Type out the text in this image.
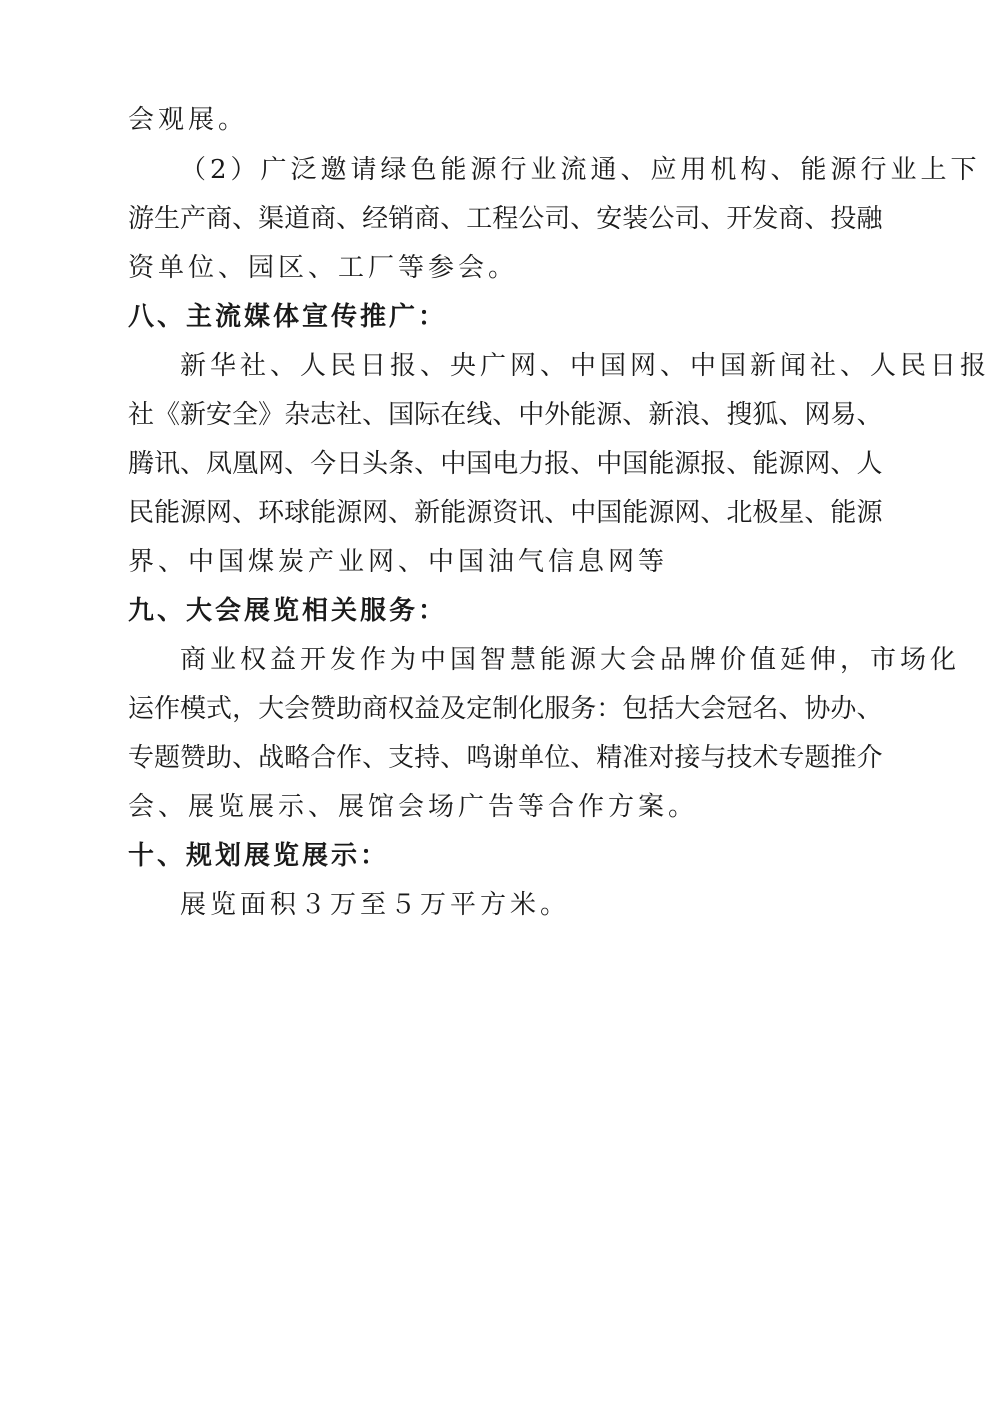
会观展。
（2）广泛邀请绿色能源行业流通、应用机构、能源行业上下
游 生 产 商 、 渠 道 商 、 经 销 商 、 工 程 公 司 、 安 装 公 司 、 开 发 商 、 投 融
资单位、园区、工厂等参会。
八、主流媒体宣传推广：
新华社、人民日报、央广网、中国网、中国新闻社、人民日报
社 《 新 安 全 》 杂 志 社 、 国 际 在 线 、 中 外 能 源 、 新 浪 、 搜 狐 、 网 易 、
腾 讯 、 凤 凰 网 、 今 日 头 条 、 中 国 电 力 报 、 中 国 能 源 报 、 能 源 网 、 人
民 能 源 网 、 环 球 能 源 网 、 新 能 源 资 讯 、 中 国 能 源 网 、 北 极 星 、 能 源
界、中国煤炭产业网、中国油气信息网等
九、大会展览相关服务：
商业权益开发作为中国智慧能源大会品牌价值延伸，市场化
运 作 模 式 ， 大 会 赞 助 商 权 益 及 定 制 化 服 务 ： 包 括 大 会 冠 名 、 协 办 、
专 题 赞 助 、 战 略 合 作 、 支 持 、 鸣 谢 单 位 、 精 准 对 接 与 技 术 专 题 推 介
会、展览展示、展馆会场广告等合作方案。
十、规划展览展示：
展览面积３万至５万平方米。
